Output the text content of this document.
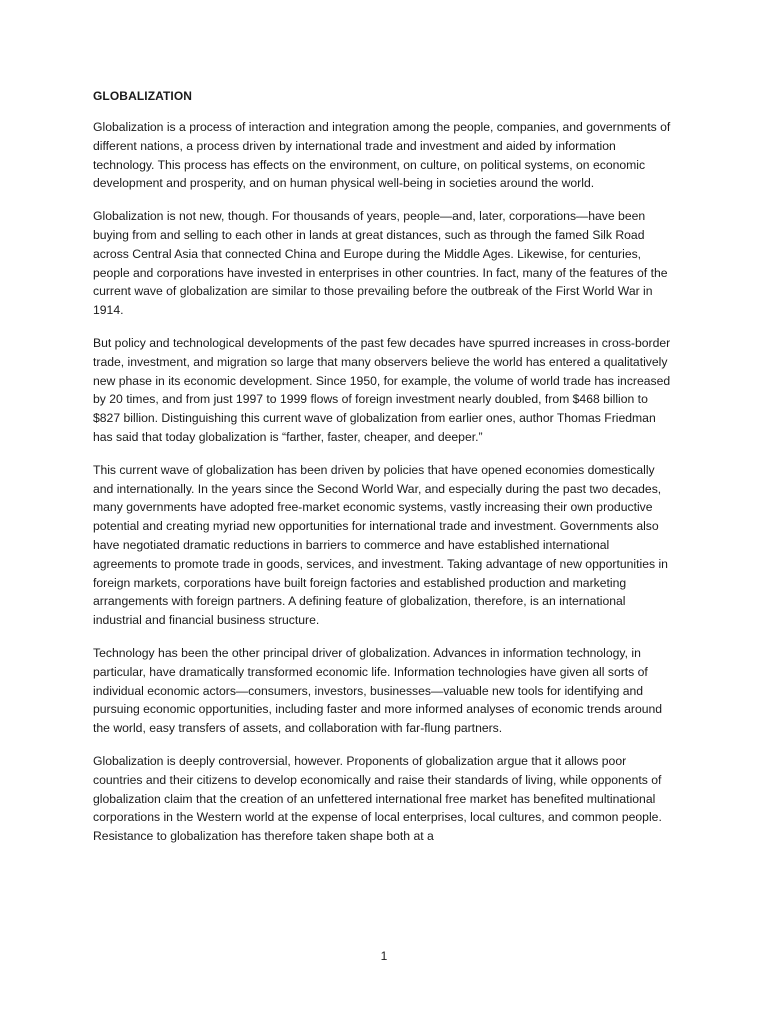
GLOBALIZATION

Globalization is a process of interaction and integration among the people, companies, and governments of different nations, a process driven by international trade and investment and aided by information technology. This process has effects on the environment, on culture, on political systems, on economic development and prosperity, and on human physical well-being in societies around the world.

Globalization is not new, though. For thousands of years, people—and, later, corporations—have been buying from and selling to each other in lands at great distances, such as through the famed Silk Road across Central Asia that connected China and Europe during the Middle Ages. Likewise, for centuries, people and corporations have invested in enterprises in other countries. In fact, many of the features of the current wave of globalization are similar to those prevailing before the outbreak of the First World War in 1914.

But policy and technological developments of the past few decades have spurred increases in cross-border trade, investment, and migration so large that many observers believe the world has entered a qualitatively new phase in its economic development. Since 1950, for example, the volume of world trade has increased by 20 times, and from just 1997 to 1999 flows of foreign investment nearly doubled, from $468 billion to $827 billion. Distinguishing this current wave of globalization from earlier ones, author Thomas Friedman has said that today globalization is “farther, faster, cheaper, and deeper.”

This current wave of globalization has been driven by policies that have opened economies domestically and internationally. In the years since the Second World War, and especially during the past two decades, many governments have adopted free-market economic systems, vastly increasing their own productive potential and creating myriad new opportunities for international trade and investment. Governments also have negotiated dramatic reductions in barriers to commerce and have established international agreements to promote trade in goods, services, and investment. Taking advantage of new opportunities in foreign markets, corporations have built foreign factories and established production and marketing arrangements with foreign partners. A defining feature of globalization, therefore, is an international industrial and financial business structure.

Technology has been the other principal driver of globalization. Advances in information technology, in particular, have dramatically transformed economic life. Information technologies have given all sorts of individual economic actors—consumers, investors, businesses—valuable new tools for identifying and pursuing economic opportunities, including faster and more informed analyses of economic trends around the world, easy transfers of assets, and collaboration with far-flung partners.

Globalization is deeply controversial, however. Proponents of globalization argue that it allows poor countries and their citizens to develop economically and raise their standards of living, while opponents of globalization claim that the creation of an unfettered international free market has benefited multinational corporations in the Western world at the expense of local enterprises, local cultures, and common people. Resistance to globalization has therefore taken shape both at a

1
